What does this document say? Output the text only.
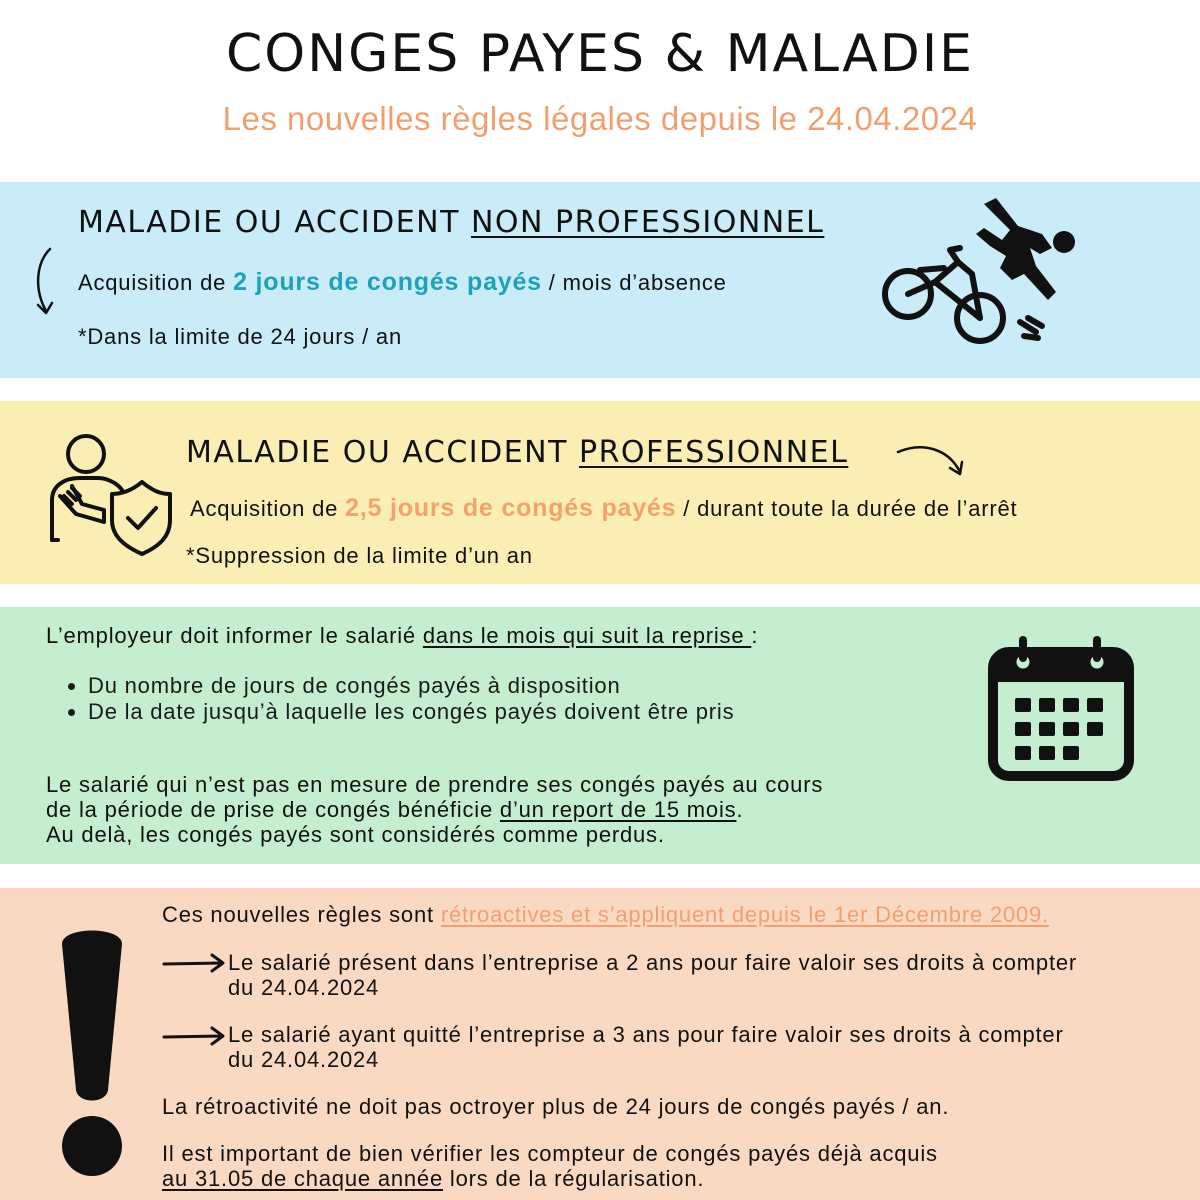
CONGES PAYES & MALADIE
Les nouvelles règles légales depuis le 24.04.2024
MALADIE OU ACCIDENT NON PROFESSIONNEL
Acquisition de 2 jours de congés payés / mois d’absence
*Dans la limite de 24 jours / an
MALADIE OU ACCIDENT PROFESSIONNEL
Acquisition de 2,5 jours de congés payés / durant toute la durée de l’arrêt
*Suppression de la limite d’un an
L’employeur doit informer le salarié dans le mois qui suit la reprise :
• Du nombre de jours de congés payés à disposition
• De la date jusqu’à laquelle les congés payés doivent être pris
Le salarié qui n’est pas en mesure de prendre ses congés payés au cours
de la période de prise de congés bénéficie d’un report de 15 mois.
Au delà, les congés payés sont considérés comme perdus.
Ces nouvelles règles sont rétroactives et s’appliquent depuis le 1er Décembre 2009.
Le salarié présent dans l’entreprise a 2 ans pour faire valoir ses droits à compter
du 24.04.2024
Le salarié ayant quitté l’entreprise a 3 ans pour faire valoir ses droits à compter
du 24.04.2024
La rétroactivité ne doit pas octroyer plus de 24 jours de congés payés / an.
Il est important de bien vérifier les compteur de congés payés déjà acquis
au 31.05 de chaque année lors de la régularisation.
